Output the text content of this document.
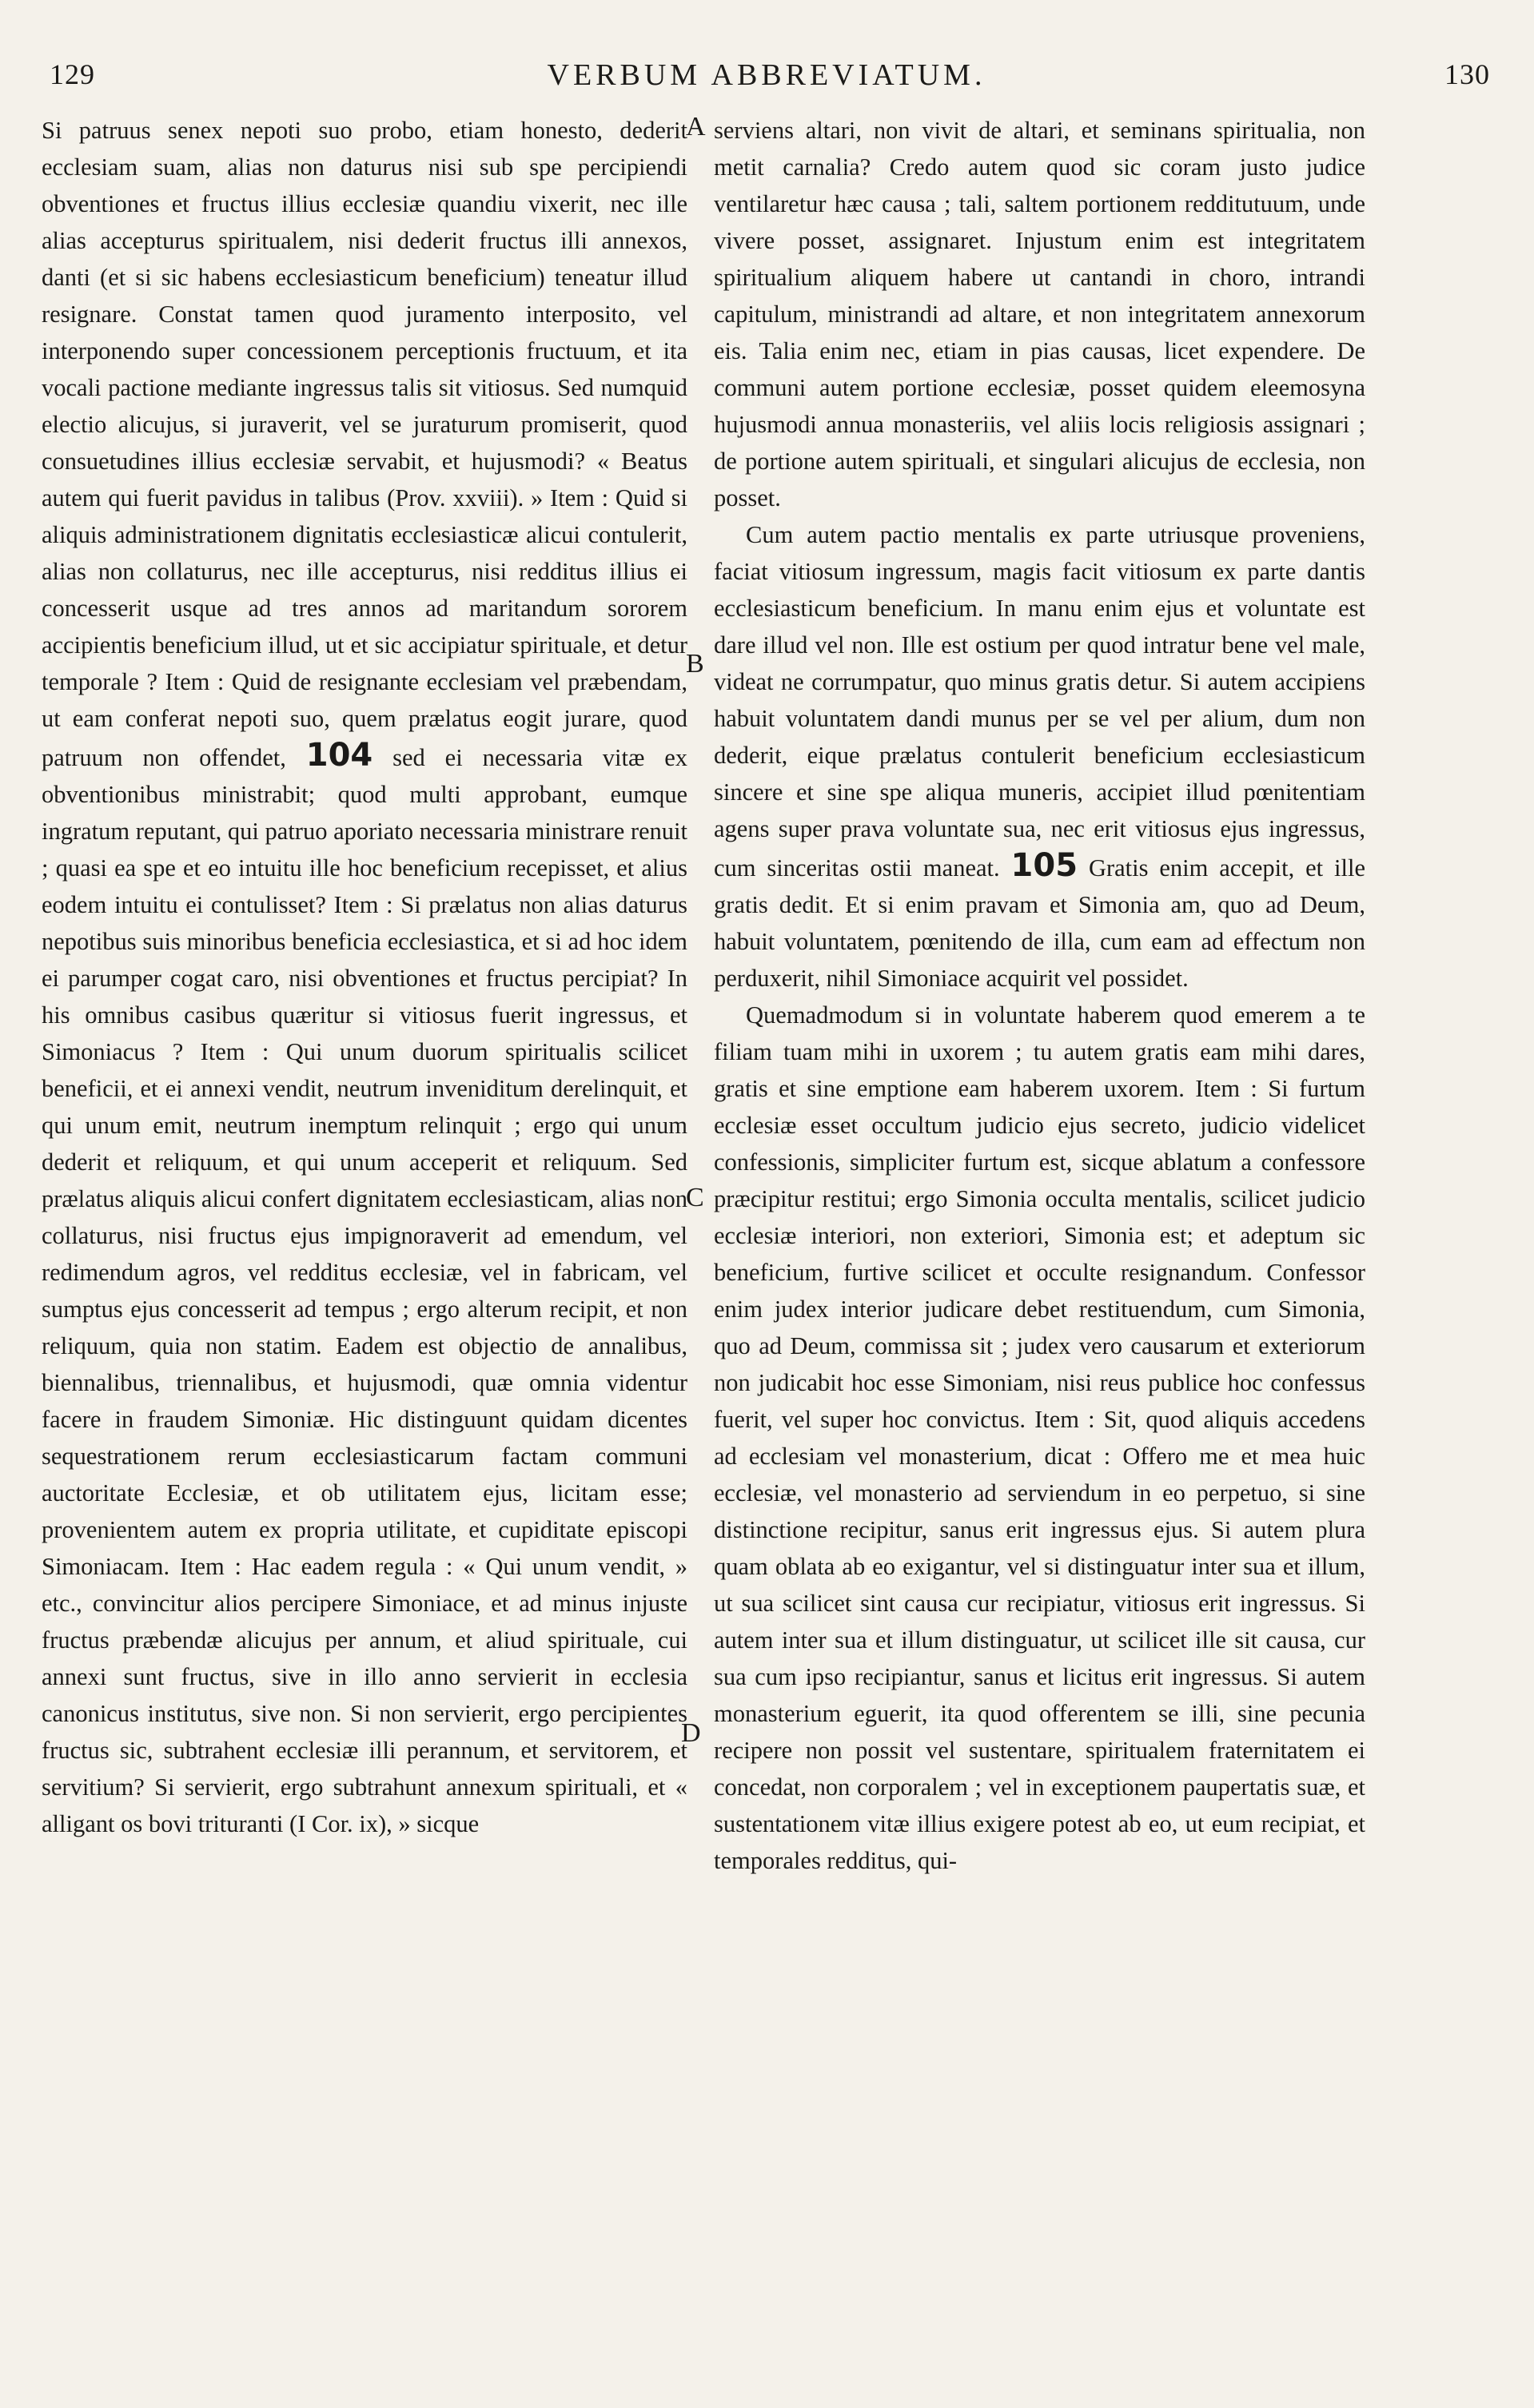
129	VERBUM ABBREVIATUM.	130
A
B
C
D

Si patruus senex nepoti suo probo, etiam honesto, dederit ecclesiam suam, alias non daturus nisi sub spe percipiendi obventiones et fructus illius ecclesiæ quandiu vixerit, nec ille alias accepturus spiritualem, nisi dederit fructus illi annexos, danti (et si sic habens ecclesiasticum beneficium) teneatur illud resignare. Constat tamen quod juramento interposito, vel interponendo super concessionem perceptionis fructuum, et ita vocali pactione mediante ingressus talis sit vitiosus. Sed numquid electio alicujus, si juraverit, vel se juraturum promiserit, quod consuetudines illius ecclesiæ servabit, et hujusmodi? « Beatus autem qui fuerit pavidus in talibus (Prov. xxviii). » Item : Quid si aliquis administrationem dignitatis ecclesiasticæ alicui contulerit, alias non collaturus, nec ille accepturus, nisi redditus illius ei concesserit usque ad tres annos ad maritandum sororem accipientis beneficium illud, ut et sic accipiatur spirituale, et detur temporale ? Item : Quid de resignante ecclesiam vel præbendam, ut eam conferat nepoti suo, quem prælatus eogit jurare, quod patruum non offendet, 104 sed ei necessaria vitæ ex obventionibus ministrabit; quod multi approbant, eumque ingratum reputant, qui patruo aporiato necessaria ministrare renuit ; quasi ea spe et eo intuitu ille hoc beneficium recepisset, et alius eodem intuitu ei contulisset? Item : Si prælatus non alias daturus nepotibus suis minoribus beneficia ecclesiastica, et si ad hoc idem ei parumper cogat caro, nisi obventiones et fructus percipiat? In his omnibus casibus quæritur si vitiosus fuerit ingressus, et Simoniacus ? Item : Qui unum duorum spiritualis scilicet beneficii, et ei annexi vendit, neutrum inveniditum derelinquit, et qui unum emit, neutrum inemptum relinquit ; ergo qui unum dederit et reliquum, et qui unum acceperit et reliquum. Sed prælatus aliquis alicui confert dignitatem ecclesiasticam, alias non collaturus, nisi fructus ejus impignoraverit ad emendum, vel redimendum agros, vel redditus ecclesiæ, vel in fabricam, vel sumptus ejus concesserit ad tempus ; ergo alterum recipit, et non reliquum, quia non statim. Eadem est objectio de annalibus, biennalibus, triennalibus, et hujusmodi, quæ omnia videntur facere in fraudem Simoniæ. Hic distinguunt quidam dicentes sequestrationem rerum ecclesiasticarum factam communi auctoritate Ecclesiæ, et ob utilitatem ejus, licitam esse; provenientem autem ex propria utilitate, et cupiditate episcopi Simoniacam. Item : Hac eadem regula : « Qui unum vendit, » etc., convincitur alios percipere Simoniace, et ad minus injuste fructus præbendæ alicujus per annum, et aliud spirituale, cui annexi sunt fructus, sive in illo anno servierit in ecclesia canonicus institutus, sive non. Si non servierit, ergo percipientes fructus sic, subtrahent ecclesiæ illi perannum, et servitorem, et servitium? Si servierit, ergo subtrahunt annexum spirituali, et « alligant os bovi trituranti (I Cor. ix), » sicque

serviens altari, non vivit de altari, et seminans spiritualia, non metit carnalia? Credo autem quod sic coram justo judice ventilaretur hæc causa ; tali, saltem portionem redditutuum, unde vivere posset, assignaret. Injustum enim est integritatem spiritualium aliquem habere ut cantandi in choro, intrandi capitulum, ministrandi ad altare, et non integritatem annexorum eis. Talia enim nec, etiam in pias causas, licet expendere. De communi autem portione ecclesiæ, posset quidem eleemosyna hujusmodi annua monasteriis, vel aliis locis religiosis assignari ; de portione autem spirituali, et singulari alicujus de ecclesia, non posset.

Cum autem pactio mentalis ex parte utriusque proveniens, faciat vitiosum ingressum, magis facit vitiosum ex parte dantis ecclesiasticum beneficium. In manu enim ejus et voluntate est dare illud vel non. Ille est ostium per quod intratur bene vel male, videat ne corrumpatur, quo minus gratis detur. Si autem accipiens habuit voluntatem dandi munus per se vel per alium, dum non dederit, eique prælatus contulerit beneficium ecclesiasticum sincere et sine spe aliqua muneris, accipiet illud pœnitentiam agens super prava voluntate sua, nec erit vitiosus ejus ingressus, cum sinceritas ostii maneat. 105 Gratis enim accepit, et ille gratis dedit. Et si enim pravam et Simonia am, quo ad Deum, habuit voluntatem, pœnitendo de illa, cum eam ad effectum non perduxerit, nihil Simoniace acquirit vel possidet.

Quemadmodum si in voluntate haberem quod emerem a te filiam tuam mihi in uxorem ; tu autem gratis eam mihi dares, gratis et sine emptione eam haberem uxorem. Item : Si furtum ecclesiæ esset occultum judicio ejus secreto, judicio videlicet confessionis, simpliciter furtum est, sicque ablatum a confessore præcipitur restitui; ergo Simonia occulta mentalis, scilicet judicio ecclesiæ interiori, non exteriori, Simonia est; et adeptum sic beneficium, furtive scilicet et occulte resignandum. Confessor enim judex interior judicare debet restituendum, cum Simonia, quo ad Deum, commissa sit ; judex vero causarum et exteriorum non judicabit hoc esse Simoniam, nisi reus publice hoc confessus fuerit, vel super hoc convictus. Item : Sit, quod aliquis accedens ad ecclesiam vel monasterium, dicat : Offero me et mea huic ecclesiæ, vel monasterio ad serviendum in eo perpetuo, si sine distinctione recipitur, sanus erit ingressus ejus. Si autem plura quam oblata ab eo exigantur, vel si distinguatur inter sua et illum, ut sua scilicet sint causa cur recipiatur, vitiosus erit ingressus. Si autem inter sua et illum distinguatur, ut scilicet ille sit causa, cur sua cum ipso recipiantur, sanus et licitus erit ingressus. Si autem monasterium eguerit, ita quod offerentem se illi, sine pecunia recipere non possit vel sustentare, spiritualem fraternitatem ei concedat, non corporalem ; vel in exceptionem paupertatis suæ, et sustentationem vitæ illius exigere potest ab eo, ut eum recipiat, et temporales redditus, qui-
